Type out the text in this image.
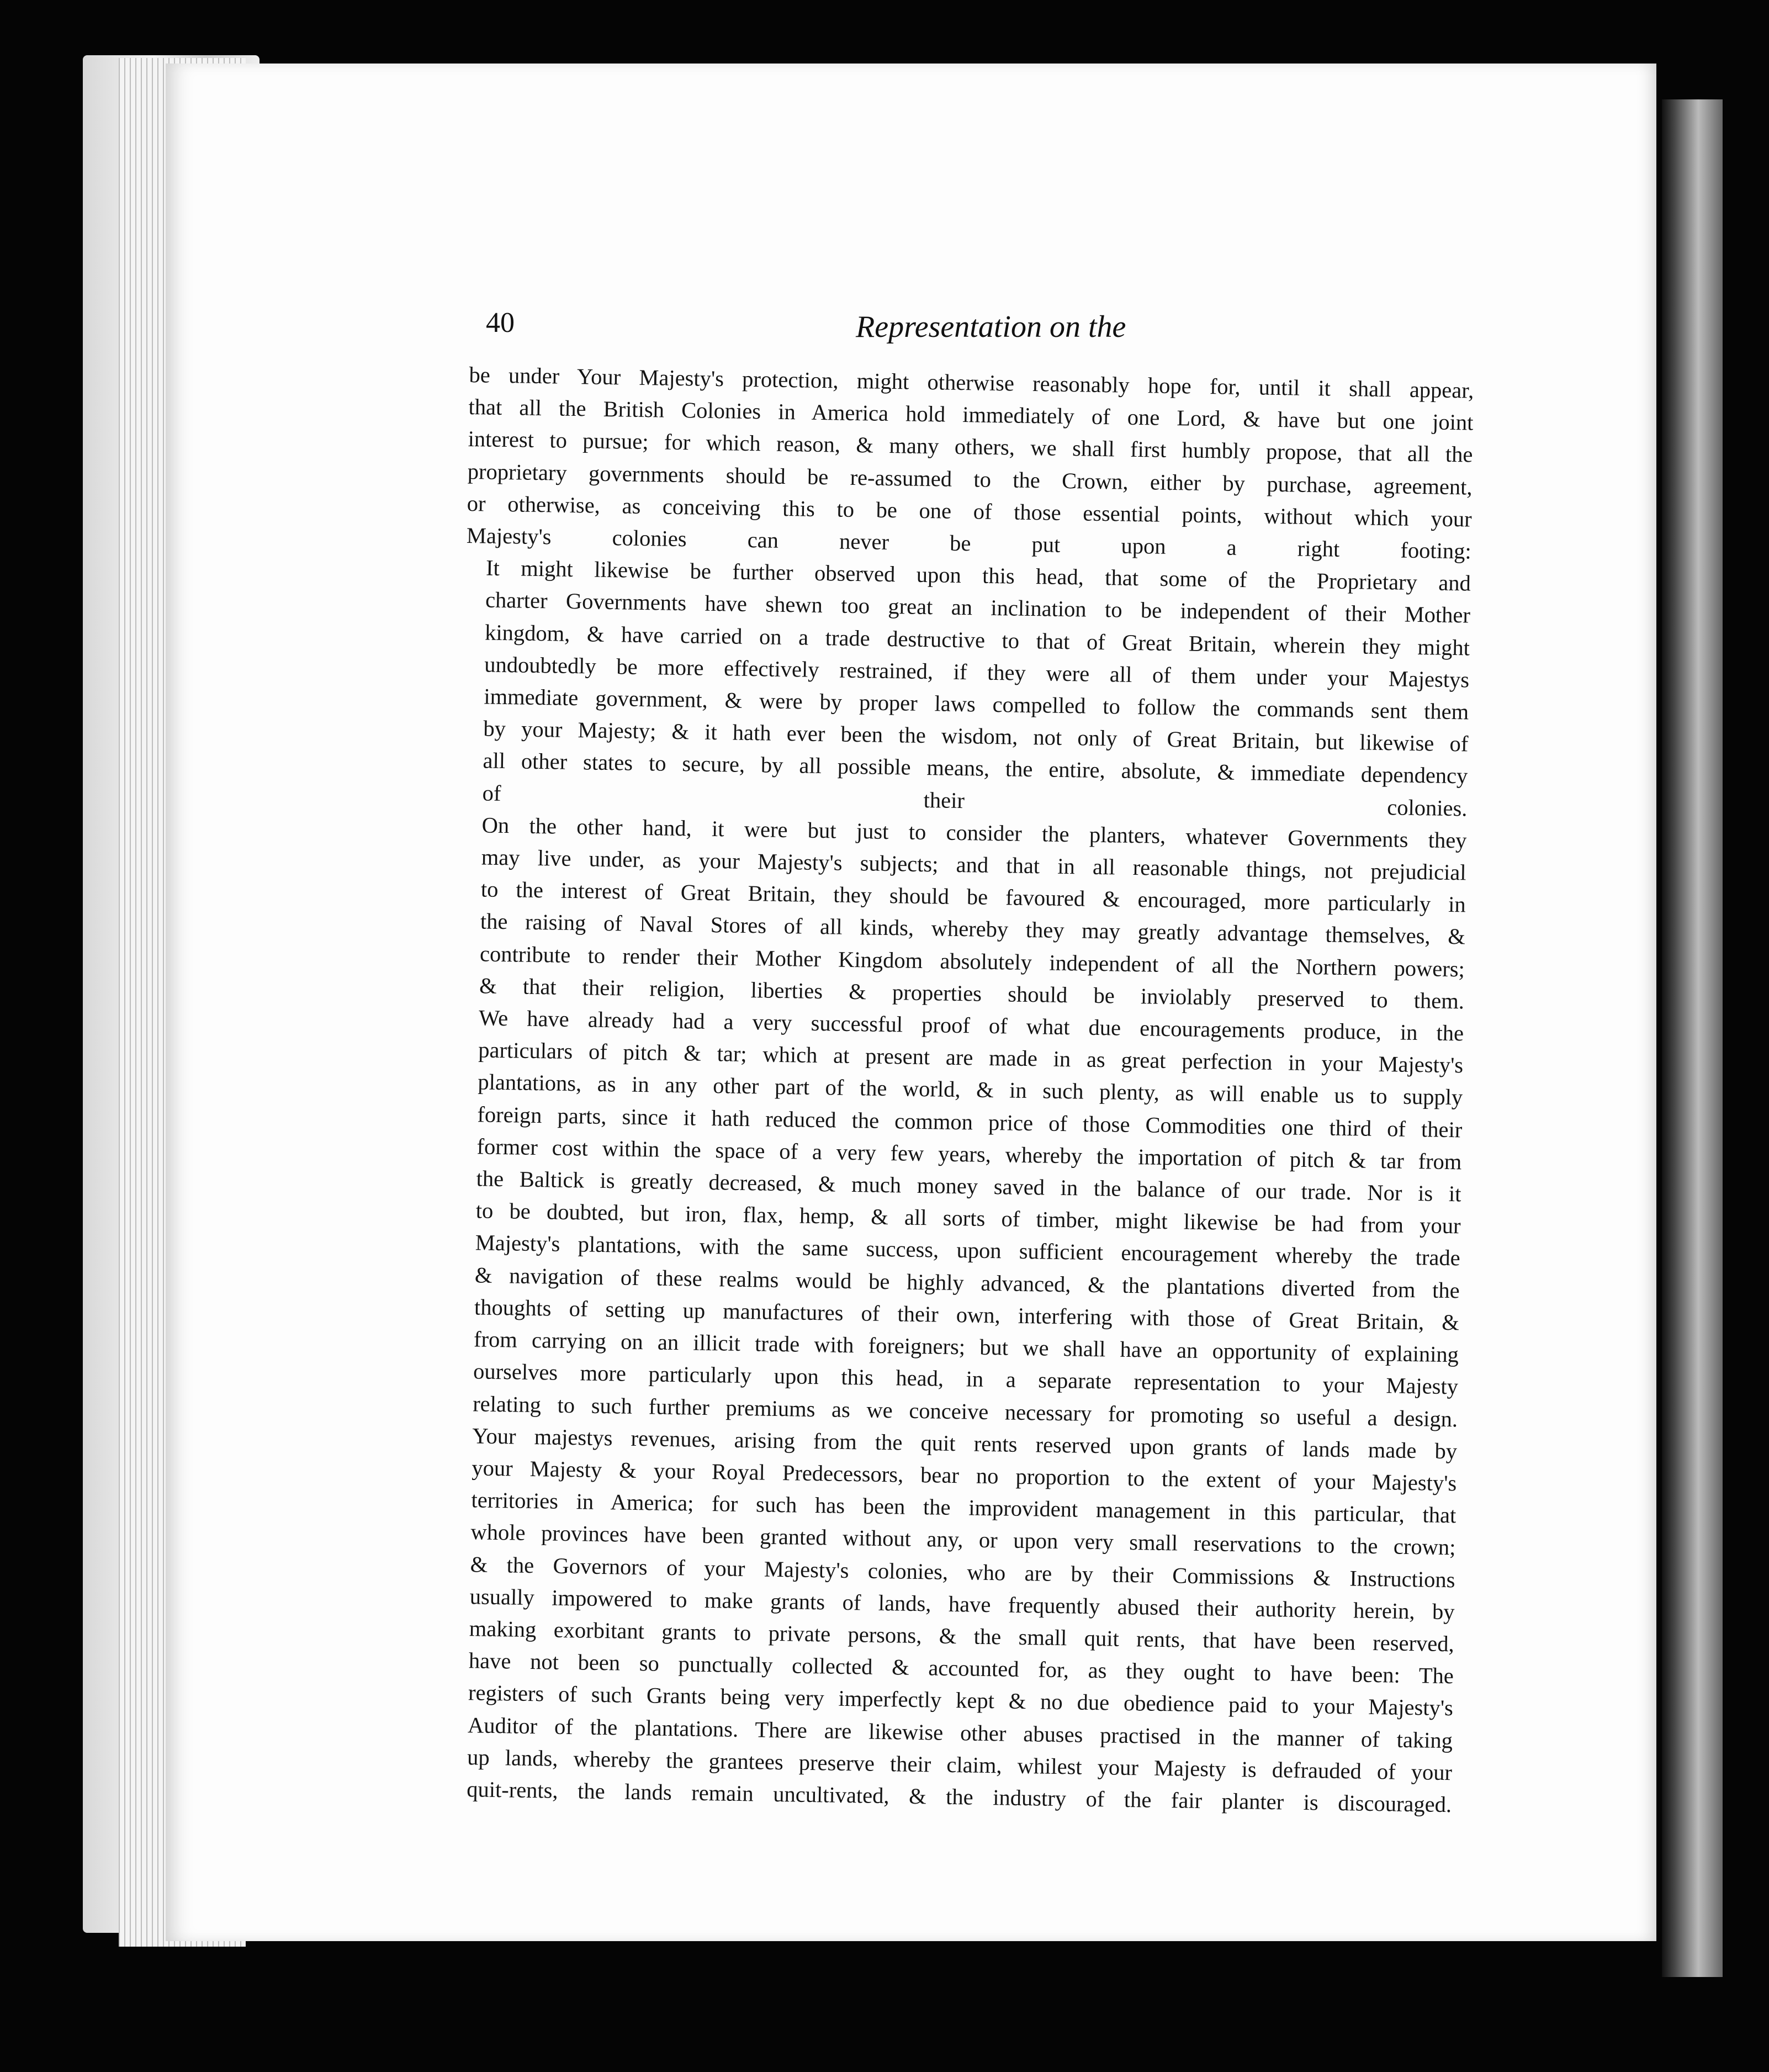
40	Representation on the
be under Your Majesty's protection, might otherwise reasonably hope for, until it shall appear,
that all the British Colonies in America hold immediately of one Lord, & have but one joint
interest to pursue; for which reason, & many others, we shall first humbly propose, that all the
proprietary governments should be re-assumed to the Crown, either by purchase, agreement,
or otherwise, as conceiving this to be one of those essential points, without which your
Majesty's colonies can never be put upon a right footing:
It might likewise be further observed upon this head, that some of the Proprietary and
charter Governments have shewn too great an inclination to be independent of their Mother
kingdom, & have carried on a trade destructive to that of Great Britain, wherein they might
undoubtedly be more effectively restrained, if they were all of them under your Majestys
immediate government, & were by proper laws compelled to follow the commands sent them
by your Majesty; & it hath ever been the wisdom, not only of Great Britain, but likewise of
all other states to secure, by all possible means, the entire, absolute, & immediate dependency
of their colonies.
On the other hand, it were but just to consider the planters, whatever Governments they
may live under, as your Majesty's subjects; and that in all reasonable things, not prejudicial
to the interest of Great Britain, they should be favoured & encouraged, more particularly in
the raising of Naval Stores of all kinds, whereby they may greatly advantage themselves, &
contribute to render their Mother Kingdom absolutely independent of all the Northern powers;
& that their religion, liberties & properties should be inviolably preserved to them.
We have already had a very successful proof of what due encouragements produce, in the
particulars of pitch & tar; which at present are made in as great perfection in your Majesty's
plantations, as in any other part of the world, & in such plenty, as will enable us to supply
foreign parts, since it hath reduced the common price of those Commodities one third of their
former cost within the space of a very few years, whereby the importation of pitch & tar from
the Baltick is greatly decreased, & much money saved in the balance of our trade. Nor is it
to be doubted, but iron, flax, hemp, & all sorts of timber, might likewise be had from your
Majesty's plantations, with the same success, upon sufficient encouragement whereby the trade
& navigation of these realms would be highly advanced, & the plantations diverted from the
thoughts of setting up manufactures of their own, interfering with those of Great Britain, &
from carrying on an illicit trade with foreigners; but we shall have an opportunity of explaining
ourselves more particularly upon this head, in a separate representation to your Majesty
relating to such further premiums as we conceive necessary for promoting so useful a design.
Your majestys revenues, arising from the quit rents reserved upon grants of lands made by
your Majesty & your Royal Predecessors, bear no proportion to the extent of your Majesty's
territories in America; for such has been the improvident management in this particular, that
whole provinces have been granted without any, or upon very small reservations to the crown;
& the Governors of your Majesty's colonies, who are by their Commissions & Instructions
usually impowered to make grants of lands, have frequently abused their authority herein, by
making exorbitant grants to private persons, & the small quit rents, that have been reserved,
have not been so punctually collected & accounted for, as they ought to have been: The
registers of such Grants being very imperfectly kept & no due obedience paid to your Majesty's
Auditor of the plantations. There are likewise other abuses practised in the manner of taking
up lands, whereby the grantees preserve their claim, whilest your Majesty is defrauded of your
quit-rents, the lands remain uncultivated, & the industry of the fair planter is discouraged.
